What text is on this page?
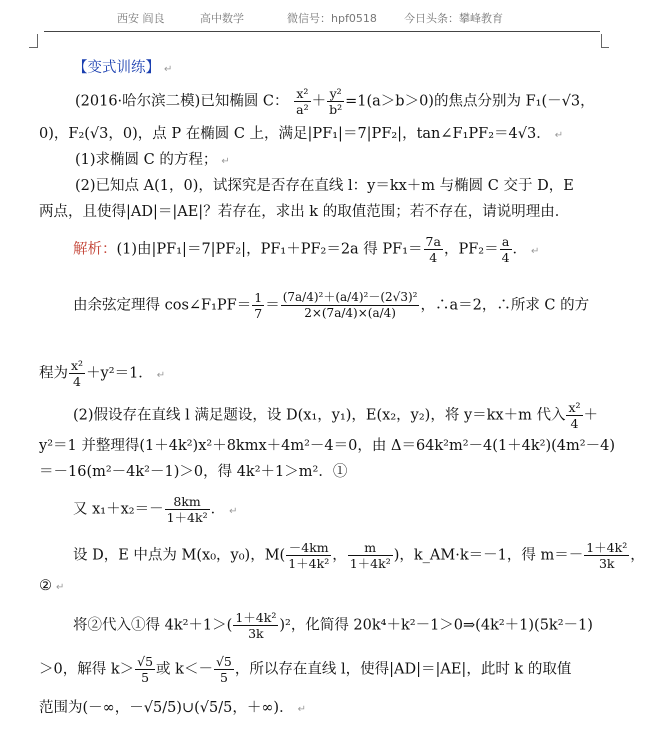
西安 阎良	高中数学	微信号：hpf0518 今日头条：攀峰教育
【变式训练】 ↵
(2016·哈尔滨二模)已知椭圆 C： $\frac{\text{x²}}{\text{a²}} + \frac{\text{y²}}{\text{b²}} =1(a>b>0)$的焦点分别为 F₁(－√3，
0)，F₂(√3，0)，点 P 在椭圆 C 上，满足|PF₁|＝7|PF₂|，tan∠F₁PF₂＝4√3． ↵
(1)求椭圆 C 的方程； ↵
(2)已知点 A(1，0)，试探究是否存在直线 l：y＝kx＋m 与椭圆 C 交于 D，E
两点，且使得|AD|＝|AE|？若存在，求出 k 的取值范围；若不存在，请说明理由．
解析：(1)由|PF₁|＝7|PF₂|，PF₁＋PF₂＝2a 得 $PF_1= \frac{7a}{4}$ ，$PF_2= \frac{a}{4}$ ． ↵
由余弦定理得 cos∠F₁PF＝ $\frac{1}{7} = \frac{\text{(7a/4)²＋(a/4)²－(2√3)²}}{2\times(7a/4)\times(a/4)}$ ，∴a＝2，∴所求 C 的方
程为 $\frac{\text{x²}}{4} +y^2=1$． ↵
(2)假设存在直线 l 满足题设，设 D(x₁，y₁)，E(x₂，y₂)，将 y＝kx＋m 代入 $\frac{\text{x²}}{4}$ ＋
y²＝1 并整理得(1＋4k²)x²＋8kmx＋4m²－4＝0，由 Δ＝64k²m²－4(1＋4k²)(4m²－4)
＝－16(m²－4k²－1)＞0，得 4k²＋1＞m²．①
又 $x_1+x_2=- \frac{8km}{\text{1＋4k²}}$ ． ↵
设 D，E 中点为 M(x₀，y₀)，$M( \frac{-4km}{\text{1＋4k²}}$ ， $\frac{m}{\text{1＋4k²}}$ )，k_AM·k＝－1，得 $m=- \frac{\text{1＋4k²}}{3k}$ ，
② ↵
将②代入①得 $4k^2+1>( \frac{\text{1＋4k²}}{3k} )^2$，化简得 20k⁴＋k²－1＞0⇒(4k²＋1)(5k²－1)
＞0，解得 $k> \frac{√5}{5}$ 或 $k<- \frac{√5}{5}$ ，所以存在直线 l，使得|AD|＝|AE|，此时 k 的取值
范围为(－∞，－√5/5)∪(√5/5，＋∞)． ↵
